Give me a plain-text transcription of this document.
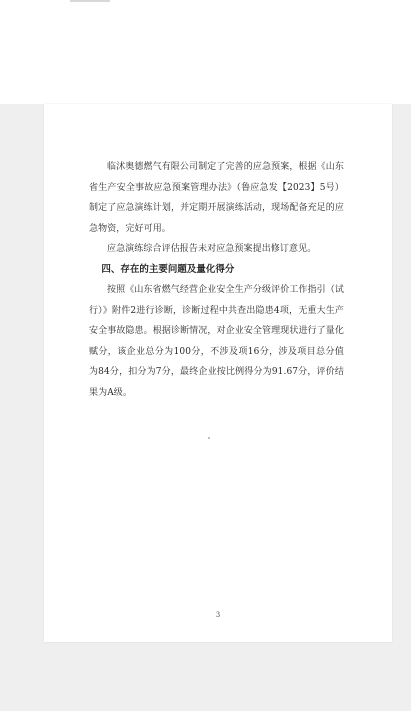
临沭奥德燃气有限公司制定了完善的应急预案，根据《山东省生产安全事故应急预案管理办法》（鲁应急发【2023】5号）制定了应急演练计划，并定期开展演练活动，现场配备充足的应急物资，完好可用。

应急演练综合评估报告未对应急预案提出修订意见。

四、存在的主要问题及量化得分

按照《山东省燃气经营企业安全生产分级评价工作指引（试行）》附件2进行诊断，诊断过程中共查出隐患4项，无重大生产安全事故隐患。根据诊断情况，对企业安全管理现状进行了量化赋分，该企业总分为100分，不涉及项16分，涉及项目总分值为84分，扣分为7分，最终企业按比例得分为91.67分，评价结果为A级。

3
